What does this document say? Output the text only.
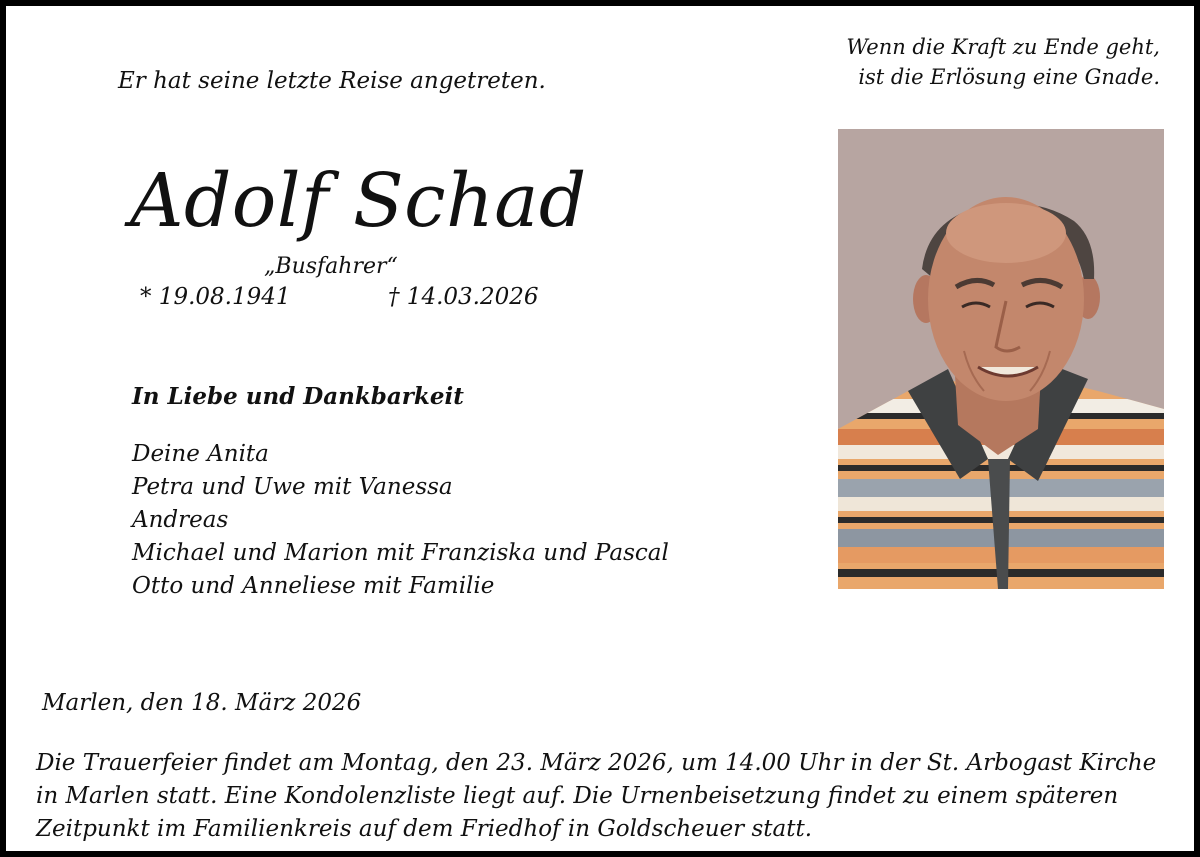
Er hat seine letzte Reise angetreten.
Wenn die Kraft zu Ende geht,
ist die Erlösung eine Gnade.
Adolf Schad
„Busfahrer“
* 19.08.1941	† 14.03.2026
In Liebe und Dankbarkeit
Deine Anita
Petra und Uwe mit Vanessa
Andreas
Michael und Marion mit Franziska und Pascal
Otto und Anneliese mit Familie
Marlen, den 18. März 2026

Die Trauerfeier findet am Montag, den 23. März 2026, um 14.00 Uhr in der St. Arbogast Kirche in Marlen statt. Eine Kondolenzliste liegt auf. Die Urnenbeisetzung findet zu einem späteren Zeitpunkt im Familienkreis auf dem Friedhof in Goldscheuer statt.
